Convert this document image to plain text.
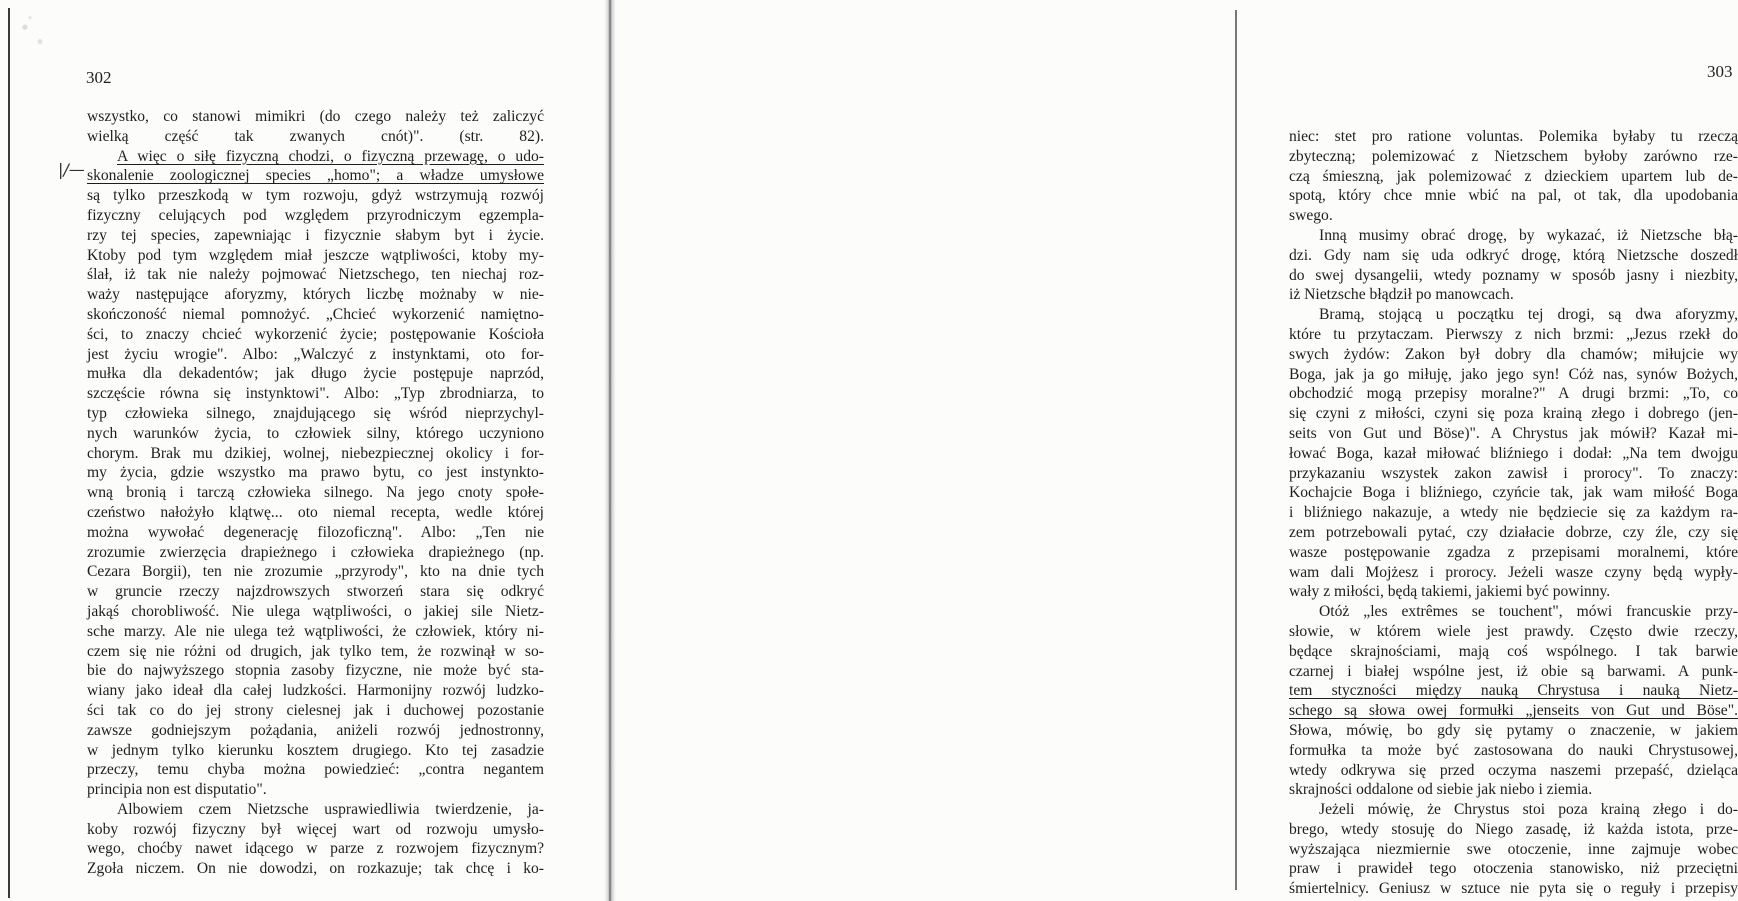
302
|/—
wszystko, co stanowi mimikri (do czego należy też zaliczyć
wielką część tak zwanych cnót)". (str. 82).
A więc o siłę fizyczną chodzi, o fizyczną przewagę, o udo-
skonalenie zoologicznej species „homo"; a władze umysłowe
są tylko przeszkodą w tym rozwoju, gdyż wstrzymują rozwój
fizyczny celujących pod względem przyrodniczym egzempla-
rzy tej species, zapewniając i fizycznie słabym byt i życie.
Ktoby pod tym względem miał jeszcze wątpliwości, ktoby my-
ślał, iż tak nie należy pojmować Nietzschego, ten niechaj roz-
waży następujące aforyzmy, których liczbę możnaby w nie-
skończoność niemal pomnożyć. „Chcieć wykorzenić namiętno-
ści, to znaczy chcieć wykorzenić życie; postępowanie Kościoła
jest życiu wrogie". Albo: „Walczyć z instynktami, oto for-
mułka dla dekadentów; jak długo życie postępuje naprzód,
szczęście równa się instynktowi". Albo: „Typ zbrodniarza, to
typ człowieka silnego, znajdującego się wśród nieprzychyl-
nych warunków życia, to człowiek silny, którego uczyniono
chorym. Brak mu dzikiej, wolnej, niebezpiecznej okolicy i for-
my życia, gdzie wszystko ma prawo bytu, co jest instynkto-
wną bronią i tarczą człowieka silnego. Na jego cnoty społe-
czeństwo nałożyło klątwę... oto niemal recepta, wedle której
można wywołać degenerację filozoficzną". Albo: „Ten nie
zrozumie zwierzęcia drapieżnego i człowieka drapieżnego (np.
Cezara Borgii), ten nie zrozumie „przyrody", kto na dnie tych
w gruncie rzeczy najzdrowszych stworzeń stara się odkryć
jakąś chorobliwość. Nie ulega wątpliwości, o jakiej sile Nietz-
sche marzy. Ale nie ulega też wątpliwości, że człowiek, który ni-
czem się nie różni od drugich, jak tylko tem, że rozwinął w so-
bie do najwyższego stopnia zasoby fizyczne, nie może być sta-
wiany jako ideał dla całej ludzkości. Harmonijny rozwój ludzko-
ści tak co do jej strony cielesnej jak i duchowej pozostanie
zawsze godniejszym pożądania, aniżeli rozwój jednostronny,
w jednym tylko kierunku kosztem drugiego. Kto tej zasadzie
przeczy, temu chyba można powiedzieć: „contra negantem
principia non est disputatio".
Albowiem czem Nietzsche usprawiedliwia twierdzenie, ja-
koby rozwój fizyczny był więcej wart od rozwoju umysło-
wego, choćby nawet idącego w parze z rozwojem fizycznym?
Zgoła niczem. On nie dowodzi, on rozkazuje; tak chcę i ko-
303
niec: stet pro ratione voluntas. Polemika byłaby tu rzeczą
zbyteczną; polemizować z Nietzschem byłoby zarówno rze-
czą śmieszną, jak polemizować z dzieckiem upartem lub de-
spotą, który chce mnie wbić na pal, ot tak, dla upodobania
swego.
Inną musimy obrać drogę, by wykazać, iż Nietzsche błą-
dzi. Gdy nam się uda odkryć drogę, którą Nietzsche doszedł
do swej dysangelii, wtedy poznamy w sposób jasny i niezbity,
iż Nietzsche błądził po manowcach.
Bramą, stojącą u początku tej drogi, są dwa aforyzmy,
które tu przytaczam. Pierwszy z nich brzmi: „Jezus rzekł do
swych żydów: Zakon był dobry dla chamów; miłujcie wy
Boga, jak ja go miłuję, jako jego syn! Cóż nas, synów Bożych,
obchodzić mogą przepisy moralne?" A drugi brzmi: „To, co
się czyni z miłości, czyni się poza krainą złego i dobrego (jen-
seits von Gut und Böse)". A Chrystus jak mówił? Kazał mi-
łować Boga, kazał miłować bliźniego i dodał: „Na tem dwojgu
przykazaniu wszystek zakon zawisł i prorocy". To znaczy:
Kochajcie Boga i bliźniego, czyńcie tak, jak wam miłość Boga
i bliźniego nakazuje, a wtedy nie będziecie się za każdym ra-
zem potrzebowali pytać, czy działacie dobrze, czy źle, czy się
wasze postępowanie zgadza z przepisami moralnemi, które
wam dali Mojżesz i prorocy. Jeżeli wasze czyny będą wypły-
wały z miłości, będą takiemi, jakiemi być powinny.
Otóż „les extrêmes se touchent", mówi francuskie przy-
słowie, w którem wiele jest prawdy. Często dwie rzeczy,
będące skrajnościami, mają coś wspólnego. I tak barwie
czarnej i białej wspólne jest, iż obie są barwami. A punk-
tem styczności między nauką Chrystusa i nauką Nietz-
schego są słowa owej formułki „jenseits von Gut und Böse".
Słowa, mówię, bo gdy się pytamy o znaczenie, w jakiem
formułka ta może być zastosowana do nauki Chrystusowej,
wtedy odkrywa się przed oczyma naszemi przepaść, dzieląca
skrajności oddalone od siebie jak niebo i ziemia.
Jeżeli mówię, że Chrystus stoi poza krainą złego i do-
brego, wtedy stosuję do Niego zasadę, iż każda istota, prze-
wyższająca niezmiernie swe otoczenie, inne zajmuje wobec
praw i prawideł tego otoczenia stanowisko, niż przeciętni
śmiertelnicy. Geniusz w sztuce nie pyta się o reguły i przepisy
